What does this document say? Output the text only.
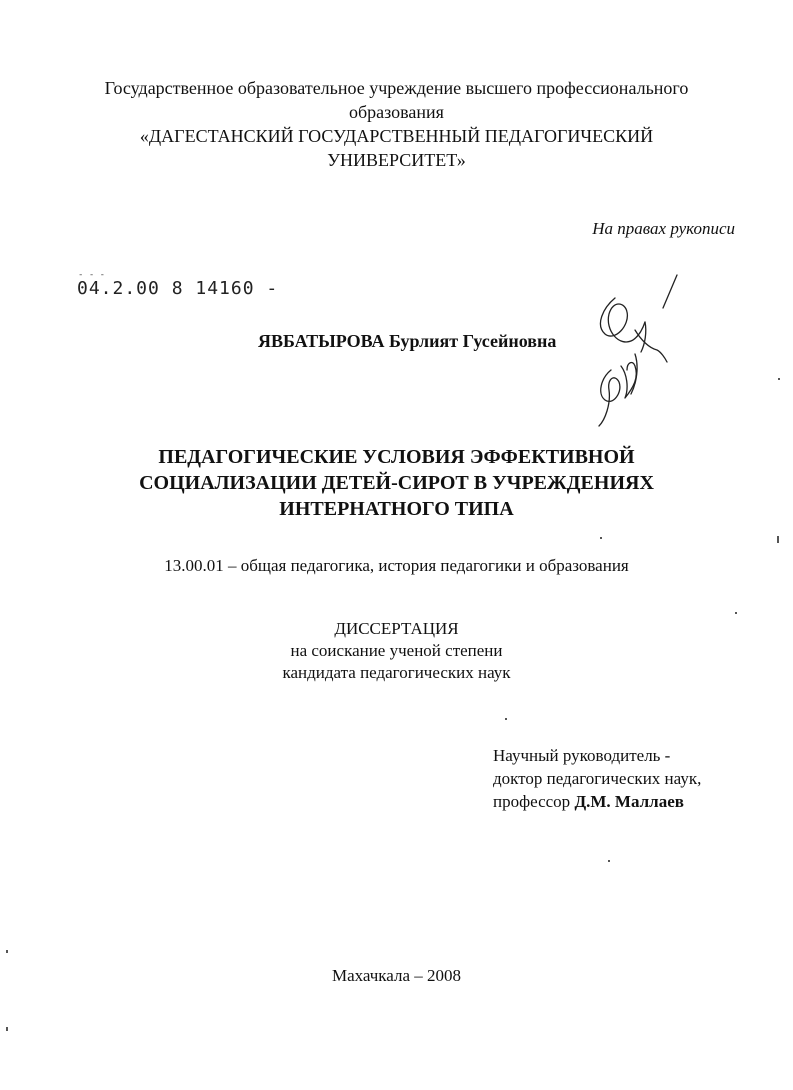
Государственное образовательное учреждение высшего профессионального
образования
«ДАГЕСТАНСКИЙ ГОСУДАРСТВЕННЫЙ ПЕДАГОГИЧЕСКИЙ
УНИВЕРСИТЕТ»
На правах рукописи
- - -
04.2.00 8 14160 -
ЯВБАТЫРОВА Бурлият Гусейновна
ПЕДАГОГИЧЕСКИЕ УСЛОВИЯ ЭФФЕКТИВНОЙ
СОЦИАЛИЗАЦИИ ДЕТЕЙ-СИРОТ В УЧРЕЖДЕНИЯХ
ИНТЕРНАТНОГО ТИПА
13.00.01 – общая педагогика, история педагогики и образования
ДИССЕРТАЦИЯ
на соискание ученой степени
кандидата педагогических наук
Научный руководитель -
доктор педагогических наук,
профессор Д.М. Маллаев
Махачкала – 2008
